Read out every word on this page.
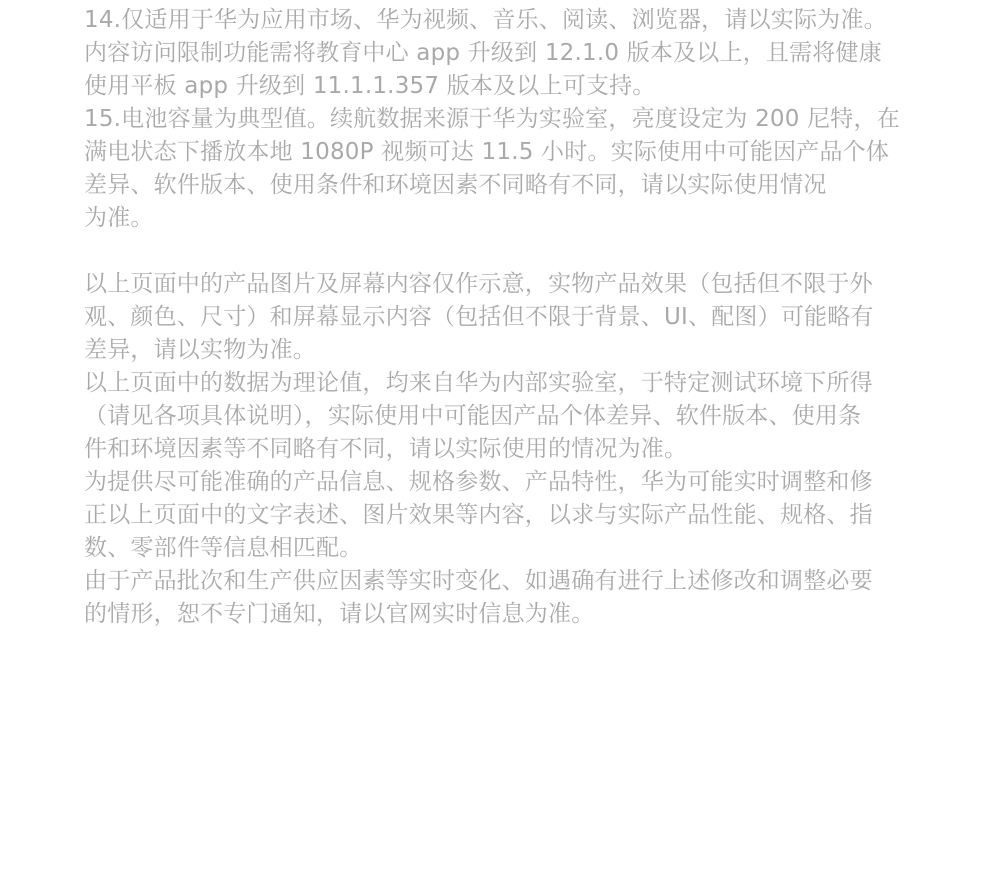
14.仅适用于华为应用市场、华为视频、音乐、阅读、浏览器，请以实际为准。
内容访问限制功能需将教育中心 app 升级到 12.1.0 版本及以上，且需将健康
使用平板 app 升级到 11.1.1.357 版本及以上可支持。
15.电池容量为典型值。续航数据来源于华为实验室，亮度设定为 200 尼特，在
满电状态下播放本地 1080P 视频可达 11.5 小时。实际使用中可能因产品个体
差异、软件版本、使用条件和环境因素不同略有不同，请以实际使用情况
为准。
以上页面中的产品图片及屏幕内容仅作示意，实物产品效果（包括但不限于外
观、颜色、尺寸）和屏幕显示内容（包括但不限于背景、UI、配图）可能略有
差异，请以实物为准。
以上页面中的数据为理论值，均来自华为内部实验室，于特定测试环境下所得
（请见各项具体说明），实际使用中可能因产品个体差异、软件版本、使用条
件和环境因素等不同略有不同，请以实际使用的情况为准。
为提供尽可能准确的产品信息、规格参数、产品特性，华为可能实时调整和修
正以上页面中的文字表述、图片效果等内容，以求与实际产品性能、规格、指
数、零部件等信息相匹配。
由于产品批次和生产供应因素等实时变化、如遇确有进行上述修改和调整必要
的情形，恕不专门通知，请以官网实时信息为准。
